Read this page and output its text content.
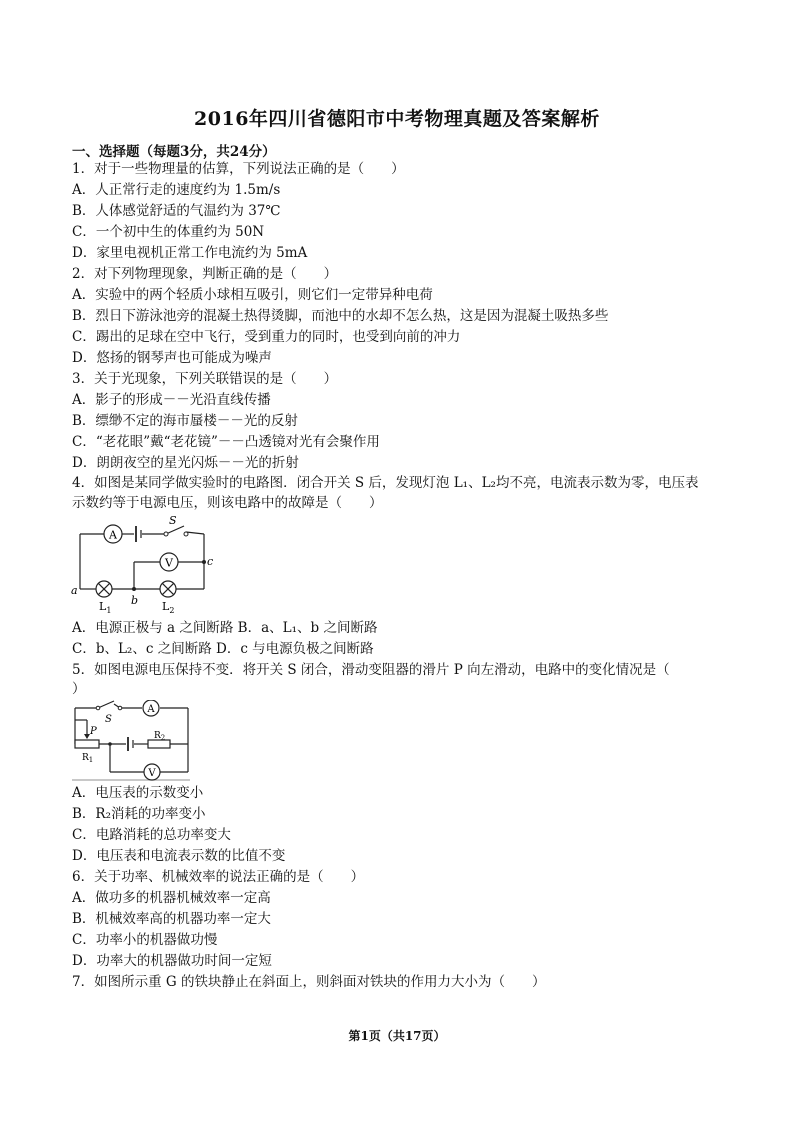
2016年四川省德阳市中考物理真题及答案解析
一、选择题（每题3分，共24分）
1．对于一些物理量的估算，下列说法正确的是（　　）
A．人正常行走的速度约为 1.5m/s
B．人体感觉舒适的气温约为 37℃
C．一个初中生的体重约为 50N
D．家里电视机正常工作电流约为 5mA
2．对下列物理现象，判断正确的是（　　）
A．实验中的两个轻质小球相互吸引，则它们一定带异种电荷
B．烈日下游泳池旁的混凝土热得烫脚，而池中的水却不怎么热，这是因为混凝土吸热多些
C．踢出的足球在空中飞行，受到重力的同时，也受到向前的冲力
D．悠扬的钢琴声也可能成为噪声
3．关于光现象，下列关联错误的是（　　）
A．影子的形成－－光沿直线传播
B．缥缈不定的海市蜃楼－－光的反射
C．“老花眼”戴“老花镜”－－凸透镜对光有会聚作用
D．朗朗夜空的星光闪烁－－光的折射
4．如图是某同学做实验时的电路图．闭合开关 S 后，发现灯泡 L₁、L₂均不亮，电流表示数为零，电压表
示数约等于电源电压，则该电路中的故障是（　　）
A
V
S
a
b
c
$L_1$	$L_2$
A．电源正极与 a 之间断路 B．a、L₁、b 之间断路
C．b、L₂、c 之间断路 D．c 与电源负极之间断路
5．如图电源电压保持不变．将开关 S 闭合，滑动变阻器的滑片 P 向左滑动，电路中的变化情况是（
）
A
V
S
P
$R_1$
$R_2$
A．电压表的示数变小
B．R₂消耗的功率变小
C．电路消耗的总功率变大
D．电压表和电流表示数的比值不变
6．关于功率、机械效率的说法正确的是（　　）
A．做功多的机器机械效率一定高
B．机械效率高的机器功率一定大
C．功率小的机器做功慢
D．功率大的机器做功时间一定短
7．如图所示重 G 的铁块静止在斜面上，则斜面对铁块的作用力大小为（　　）
第1页（共17页）
